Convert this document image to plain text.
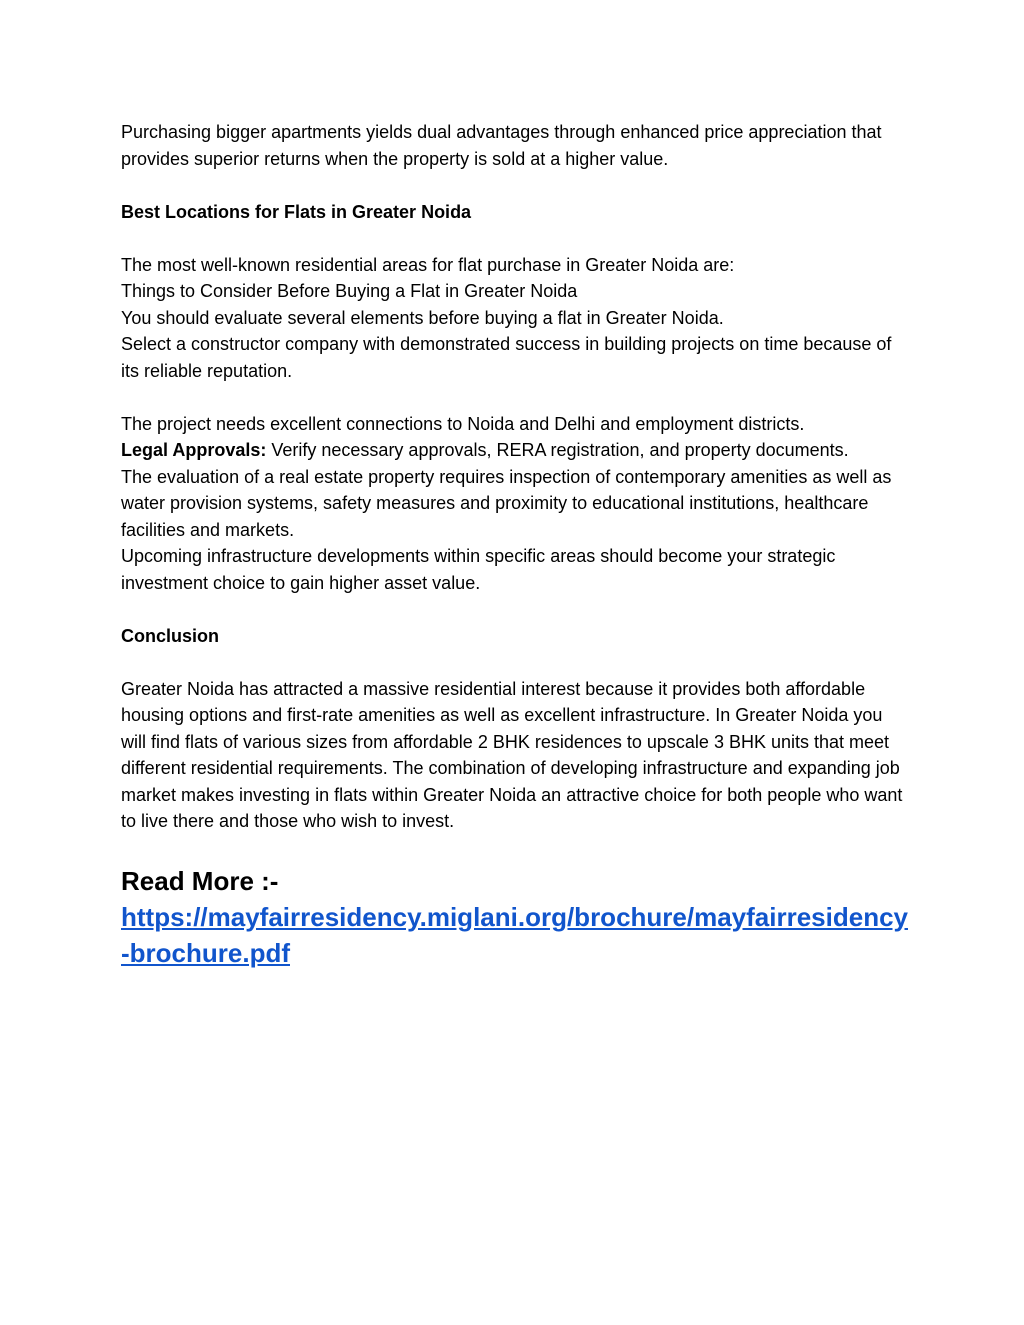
Purchasing bigger apartments yields dual advantages through enhanced price appreciation that provides superior returns when the property is sold at a higher value.

Best Locations for Flats in Greater Noida

The most well-known residential areas for flat purchase in Greater Noida are:

Things to Consider Before Buying a Flat in Greater Noida

You should evaluate several elements before buying a flat in Greater Noida.

Select a constructor company with demonstrated success in building projects on time because of its reliable reputation.

The project needs excellent connections to Noida and Delhi and employment districts.

Legal Approvals: Verify necessary approvals, RERA registration, and property documents.

The evaluation of a real estate property requires inspection of contemporary amenities as well as water provision systems, safety measures and proximity to educational institutions, healthcare facilities and markets.

Upcoming infrastructure developments within specific areas should become your strategic investment choice to gain higher asset value.

Conclusion

Greater Noida has attracted a massive residential interest because it provides both affordable housing options and first-rate amenities as well as excellent infrastructure. In Greater Noida you will find flats of various sizes from affordable 2 BHK residences to upscale 3 BHK units that meet different residential requirements. The combination of developing infrastructure and expanding job market makes investing in flats within Greater Noida an attractive choice for both people who want to live there and those who wish to invest.

Read More :-
https://mayfairresidency.miglani.org/brochure/mayfairresidency-brochure.pdf
